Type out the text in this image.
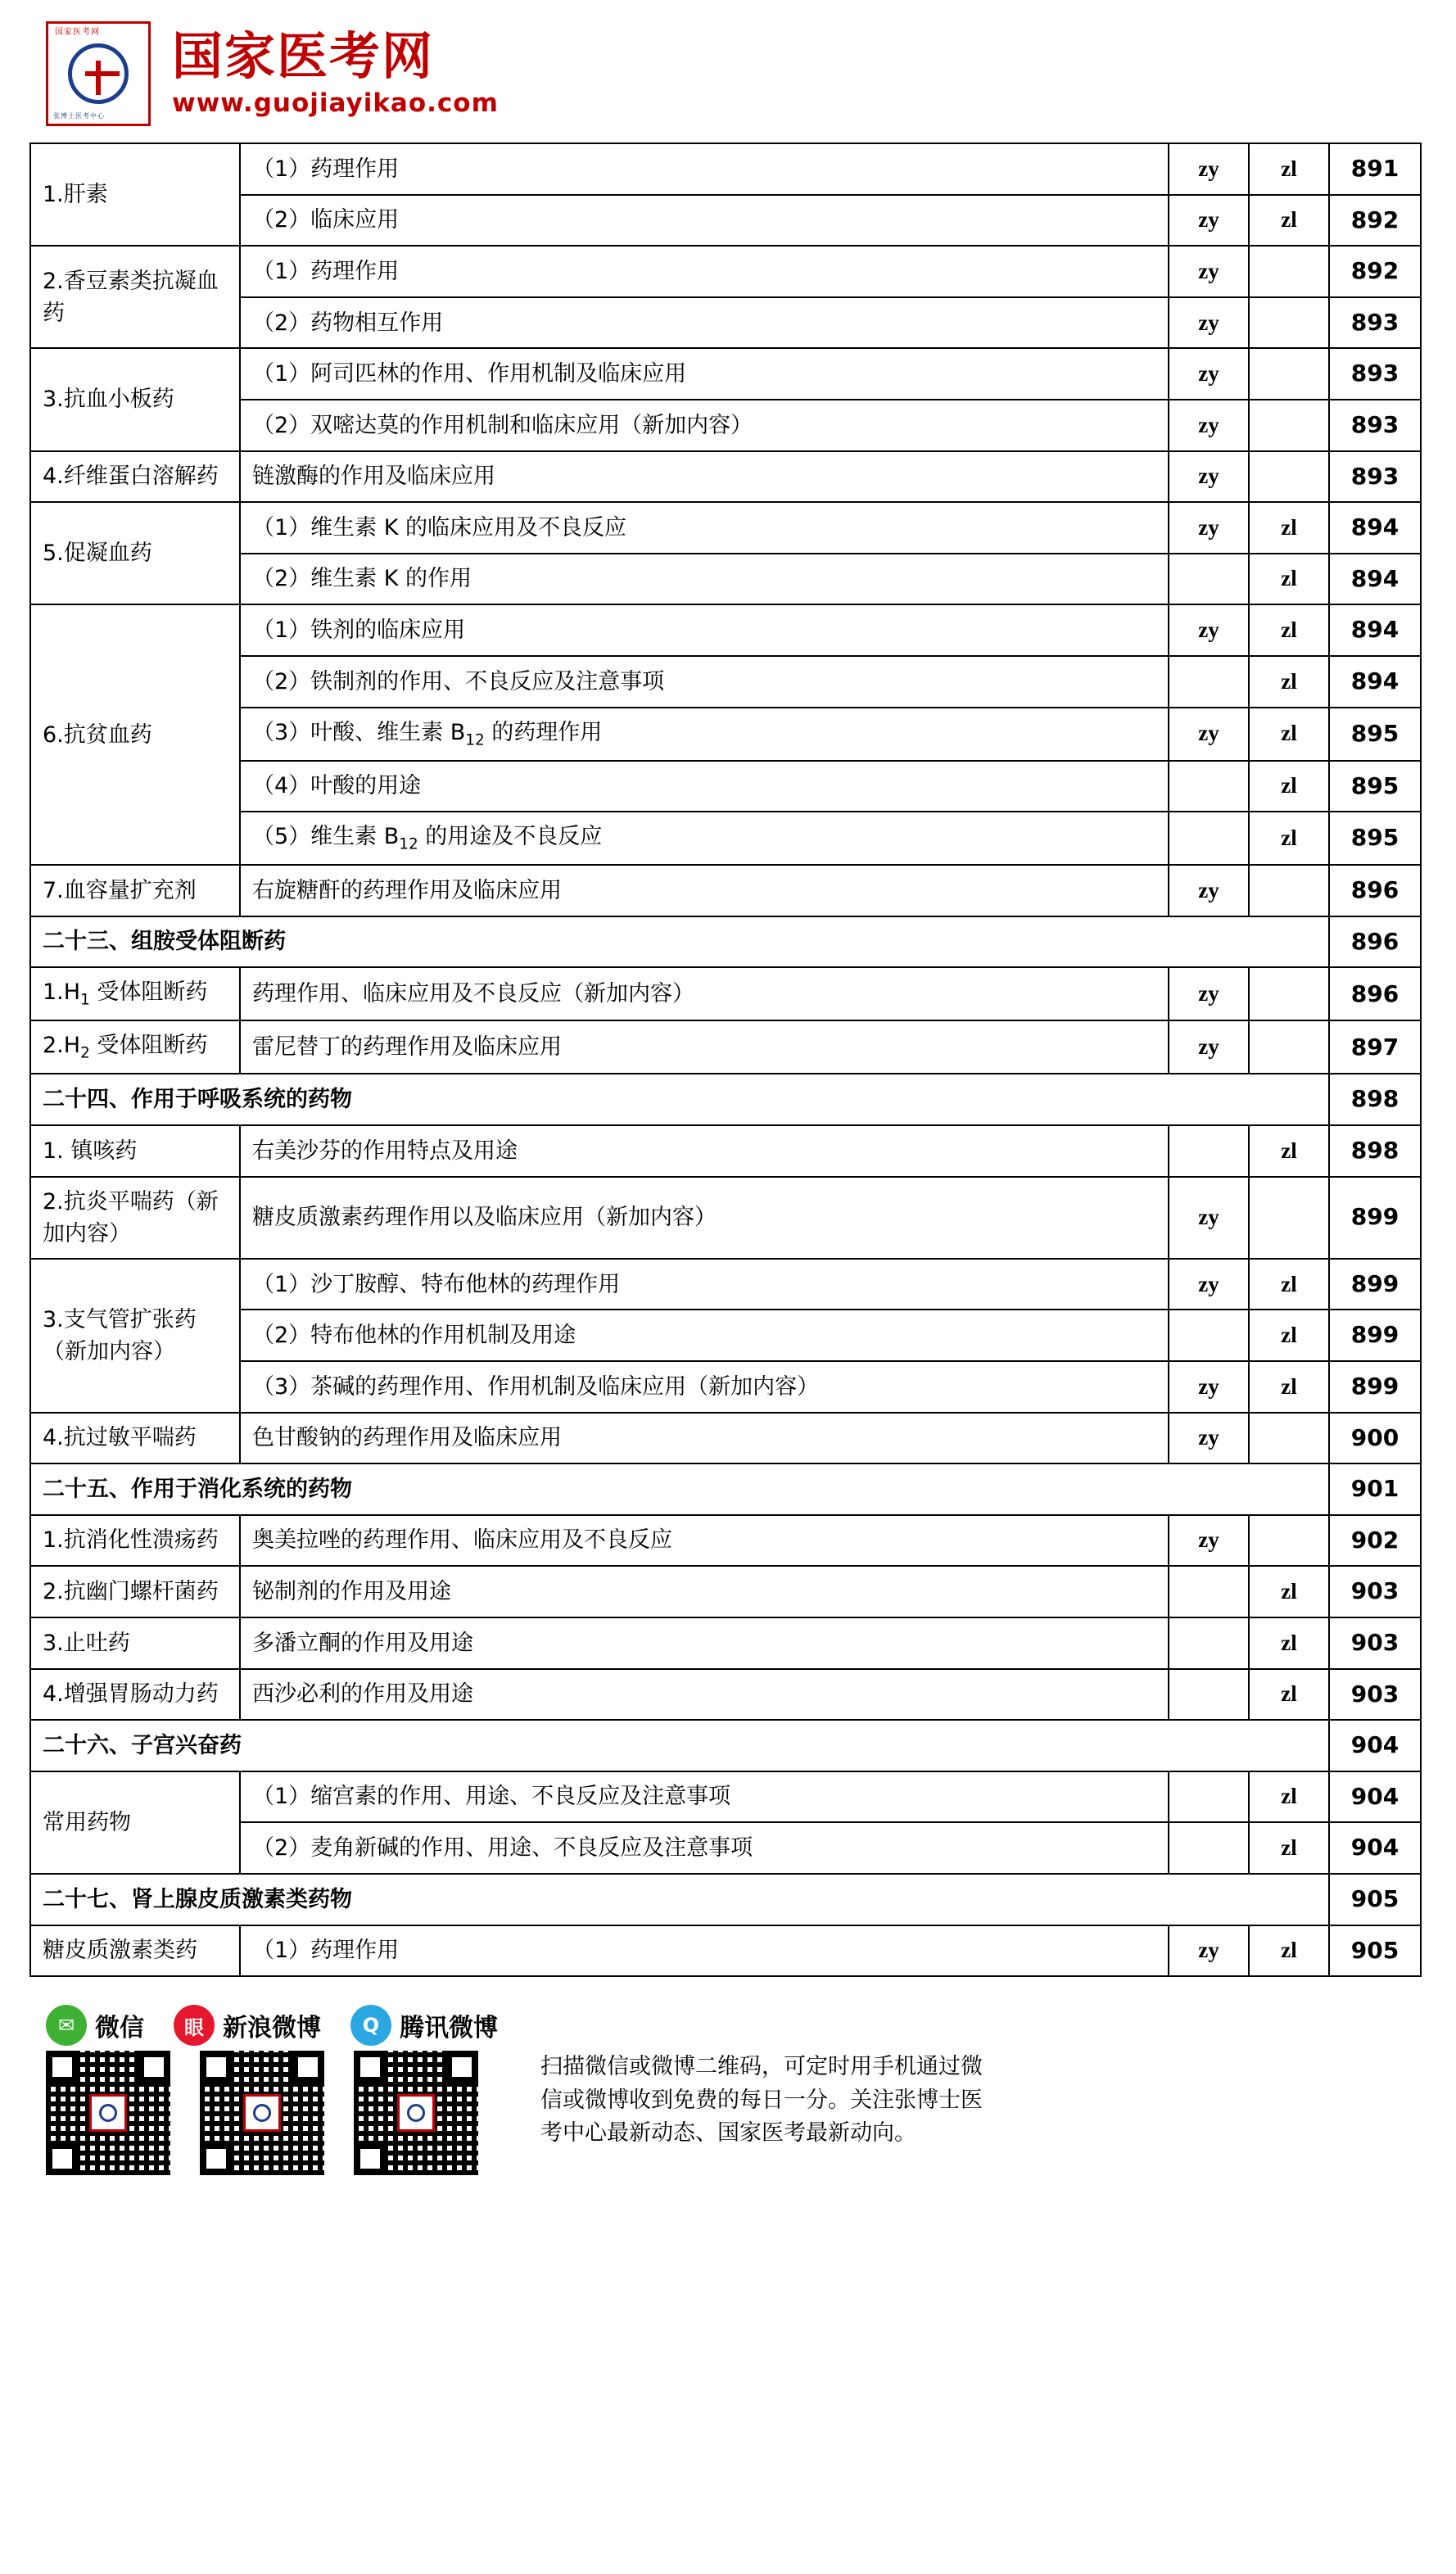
国家医考网
张博士医考中心
国家医考网
www.guojiayikao.com
1.肝素	（1）药理作用	zy	zl	891
	（2）临床应用	zy	zl	892
2.香豆素类抗凝血药	（1）药理作用	zy		892
	（2）药物相互作用	zy		893
3.抗血小板药	（1）阿司匹林的作用、作用机制及临床应用	zy		893
	（2）双嘧达莫的作用机制和临床应用（新加内容）	zy		893
4.纤维蛋白溶解药	链激酶的作用及临床应用	zy		893
5.促凝血药	（1）维生素 K 的临床应用及不良反应	zy	zl	894
	（2）维生素 K 的作用		zl	894
6.抗贫血药	（1）铁剂的临床应用	zy	zl	894
	（2）铁制剂的作用、不良反应及注意事项		zl	894
	（3）叶酸、维生素 $B_{12}$ 的药理作用	zy	zl	895
	（4）叶酸的用途		zl	895
	（5）维生素 $B_{12}$ 的用途及不良反应		zl	895
7.血容量扩充剂	右旋糖酐的药理作用及临床应用	zy		896
二十三、组胺受体阻断药				896
$1.H_1$ 受体阻断药	药理作用、临床应用及不良反应（新加内容）	zy		896
$2.H_2$ 受体阻断药	雷尼替丁的药理作用及临床应用	zy		897
二十四、作用于呼吸系统的药物				898
1. 镇咳药	右美沙芬的作用特点及用途		zl	898
2.抗炎平喘药（新加内容）	糖皮质激素药理作用以及临床应用（新加内容）	zy		899
3.支气管扩张药（新加内容）	（1）沙丁胺醇、特布他林的药理作用	zy	zl	899
	（2）特布他林的作用机制及用途		zl	899
	（3）茶碱的药理作用、作用机制及临床应用（新加内容）	zy	zl	899
4.抗过敏平喘药	色甘酸钠的药理作用及临床应用	zy		900
二十五、作用于消化系统的药物				901
1.抗消化性溃疡药	奥美拉唑的药理作用、临床应用及不良反应	zy		902
2.抗幽门螺杆菌药	铋制剂的作用及用途		zl	903
3.止吐药	多潘立酮的作用及用途		zl	903
4.增强胃肠动力药	西沙必利的作用及用途		zl	903
二十六、子宫兴奋药				904
常用药物	（1）缩宫素的作用、用途、不良反应及注意事项		zl	904
	（2）麦角新碱的作用、用途、不良反应及注意事项		zl	904
二十七、肾上腺皮质激素类药物				905
糖皮质激素类药	（1）药理作用	zy	zl	905
✉ 微信	眼 新浪微博	Q 腾讯微博
扫描微信或微博二维码，可定时用手机通过微信或微博收到免费的每日一分。关注张博士医考中心最新动态、国家医考最新动向。
